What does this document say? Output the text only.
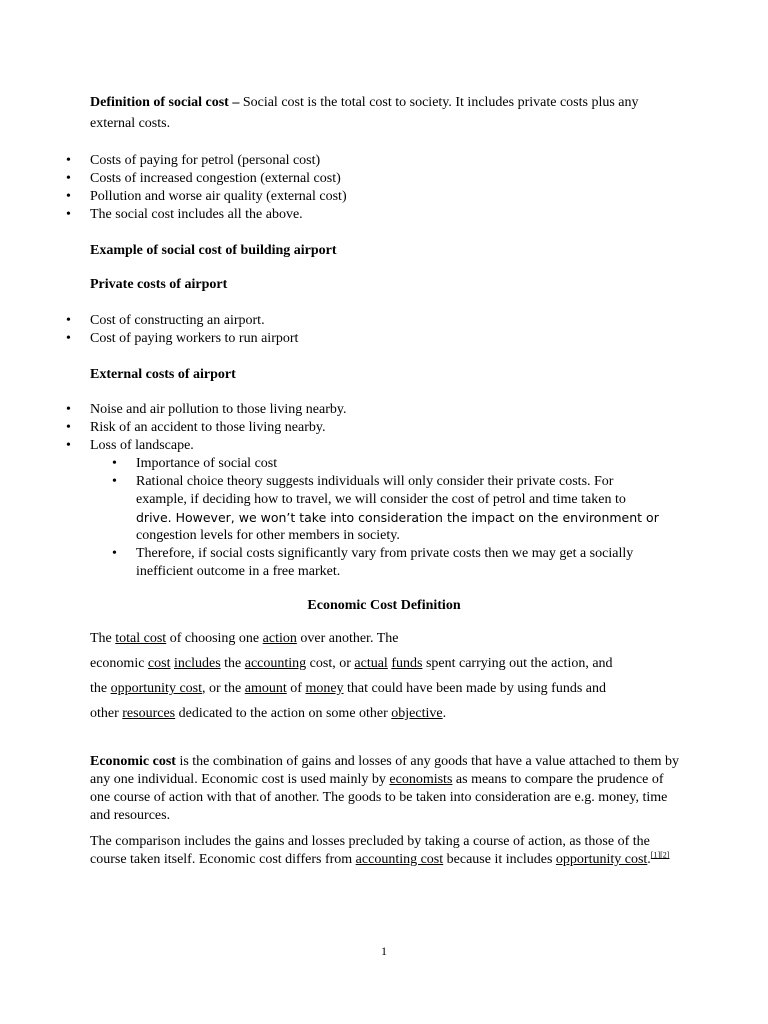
Definition of social cost – Social cost is the total cost to society. It includes private costs plus any external costs.

• Costs of paying for petrol (personal cost)
• Costs of increased congestion (external cost)
• Pollution and worse air quality (external cost)
• The social cost includes all the above.

Example of social cost of building airport

Private costs of airport

• Cost of constructing an airport.
• Cost of paying workers to run airport

External costs of airport

• Noise and air pollution to those living nearby.
• Risk of an accident to those living nearby.
• Loss of landscape.
• Importance of social cost
• Rational choice theory suggests individuals will only consider their private costs. For
example, if deciding how to travel, we will consider the cost of petrol and time taken to
drive. However, we won’t take into consideration the impact on the environment or
congestion levels for other members in society.
• Therefore, if social costs significantly vary from private costs then we may get a socially
inefficient outcome in a free market.

Economic Cost Definition

The total cost of choosing one action over another. The

economic cost includes the accounting cost, or actual funds spent carrying out the action, and

the opportunity cost, or the amount of money that could have been made by using funds and

other resources dedicated to the action on some other objective.

Economic cost is the combination of gains and losses of any goods that have a value attached to them by any one individual. Economic cost is used mainly by economists as means to compare the prudence of one course of action with that of another. The goods to be taken into consideration are e.g. money, time and resources.

The comparison includes the gains and losses precluded by taking a course of action, as those of the course taken itself. Economic cost differs from accounting cost because it includes opportunity cost.[1][2]

1
